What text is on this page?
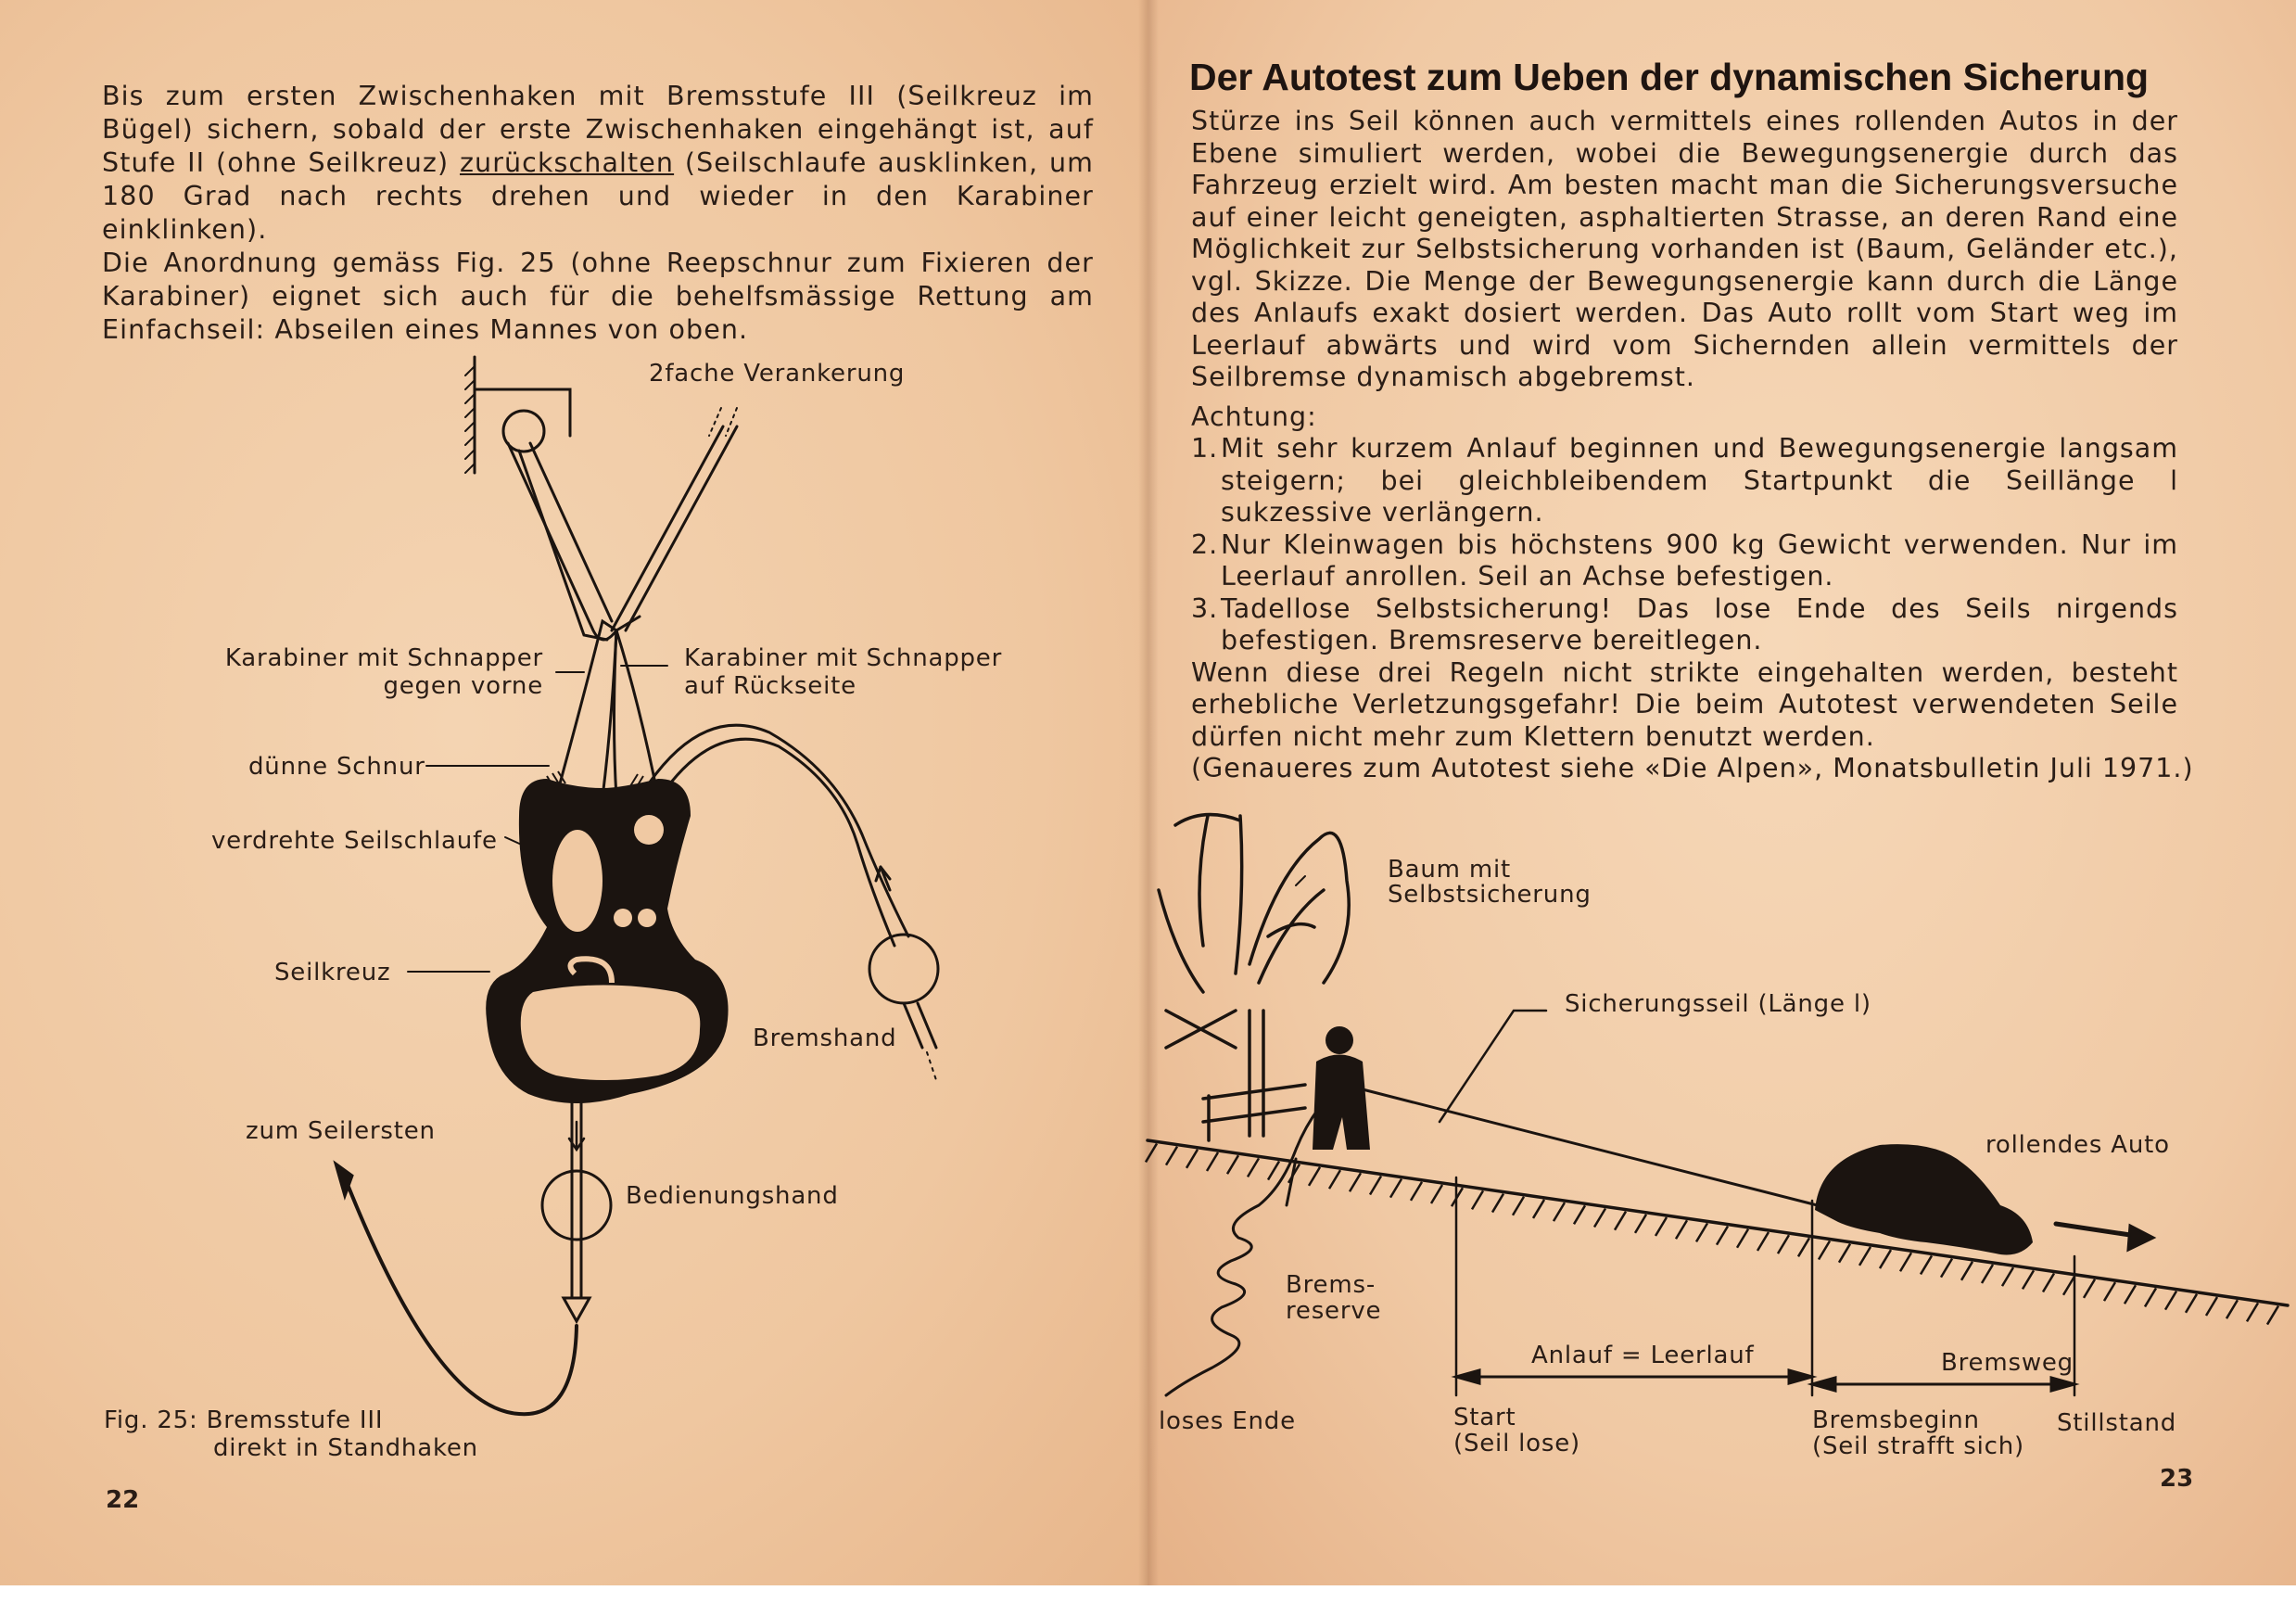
Bis zum ersten Zwischenhaken mit Bremsstufe III (Seilkreuz im Bügel) sichern, sobald der erste Zwischenhaken eingehängt ist, auf Stufe II (ohne Seilkreuz) zurückschalten (Seilschlaufe ausklinken, um 180 Grad nach rechts drehen und wieder in den Karabiner einklinken).

Die Anordnung gemäss Fig. 25 (ohne Reepschnur zum Fixieren der Karabiner) eignet sich auch für die behelfsmässige Rettung am Einfachseil: Abseilen eines Mannes von oben.

2fache Verankerung
Karabiner mit Schnapper
gegen vorne
Karabiner mit Schnapper
auf Rückseite
dünne Schnur
verdrehte Seilschlaufe
Seilkreuz
Bremshand
zum Seilersten
Bedienungshand
Fig. 25: Bremsstufe III
direkt in Standhaken
22
Der Autotest zum Ueben der dynamischen Sicherung

Stürze ins Seil können auch vermittels eines rollenden Autos in der Ebene simuliert werden, wobei die Bewegungsenergie durch das Fahrzeug erzielt wird. Am besten macht man die Sicherungsversuche auf einer leicht geneigten, asphaltierten Strasse, an deren Rand eine Möglichkeit zur Selbstsicherung vorhanden ist (Baum, Geländer etc.), vgl. Skizze. Die Menge der Bewegungsenergie kann durch die Länge des Anlaufs exakt dosiert werden. Das Auto rollt vom Start weg im Leerlauf abwärts und wird vom Sichernden allein vermittels der Seilbremse dynamisch abgebremst.

Achtung:

1. Mit sehr kurzem Anlauf beginnen und Bewegungsenergie langsam steigern; bei gleichbleibendem Startpunkt die Seillänge l sukzessive verlängern.
2. Nur Kleinwagen bis höchstens 900 kg Gewicht verwenden. Nur im Leerlauf anrollen. Seil an Achse befestigen.
3. Tadellose Selbstsicherung! Das lose Ende des Seils nirgends befestigen. Bremsreserve bereitlegen.

Wenn diese drei Regeln nicht strikte eingehalten werden, besteht erhebliche Verletzungsgefahr! Die beim Autotest verwendeten Seile dürfen nicht mehr zum Klettern benutzt werden.

(Genaueres zum Autotest siehe «Die Alpen», Monatsbulletin Juli 1971.)

Baum mit
Selbstsicherung
Sicherungsseil (Länge l)
rollendes Auto
Brems-
reserve
Anlauf = Leerlauf	Bremsweg
loses Ende	Start
(Seil lose)
Bremsbeginn
(Seil strafft sich)
Stillstand
23
